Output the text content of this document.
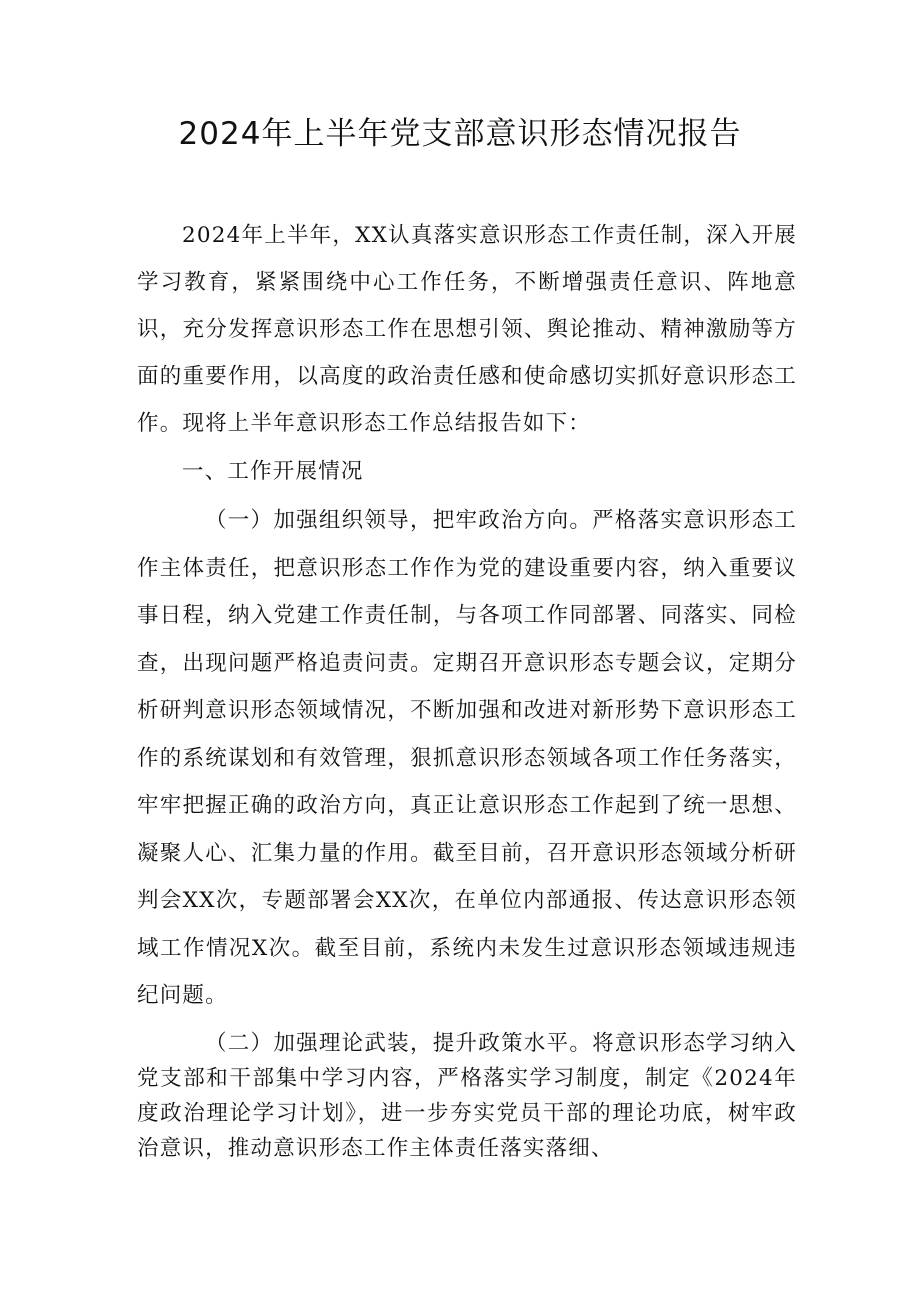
2024年上半年党支部意识形态情况报告

2024年上半年，XX认真落实意识形态工作责任制，深入开展学习教育，紧紧围绕中心工作任务，不断增强责任意识、阵地意识，充分发挥意识形态工作在思想引领、舆论推动、精神激励等方面的重要作用，以高度的政治责任感和使命感切实抓好意识形态工作。现将上半年意识形态工作总结报告如下：

一、工作开展情况

（一）加强组织领导，把牢政治方向。严格落实意识形态工作主体责任，把意识形态工作作为党的建设重要内容，纳入重要议事日程，纳入党建工作责任制，与各项工作同部署、同落实、同检查，出现问题严格追责问责。定期召开意识形态专题会议，定期分析研判意识形态领域情况，不断加强和改进对新形势下意识形态工作的系统谋划和有效管理，狠抓意识形态领域各项工作任务落实，牢牢把握正确的政治方向，真正让意识形态工作起到了统一思想、凝聚人心、汇集力量的作用。截至目前，召开意识形态领域分析研判会XX次，专题部署会XX次，在单位内部通报、传达意识形态领域工作情况X次。截至目前，系统内未发生过意识形态领域违规违纪问题。

（二）加强理论武装，提升政策水平。将意识形态学习纳入党支部和干部集中学习内容，严格落实学习制度，制定《2024年度政治理论学习计划》，进一步夯实党员干部的理论功底，树牢政治意识，推动意识形态工作主体责任落实落细、
